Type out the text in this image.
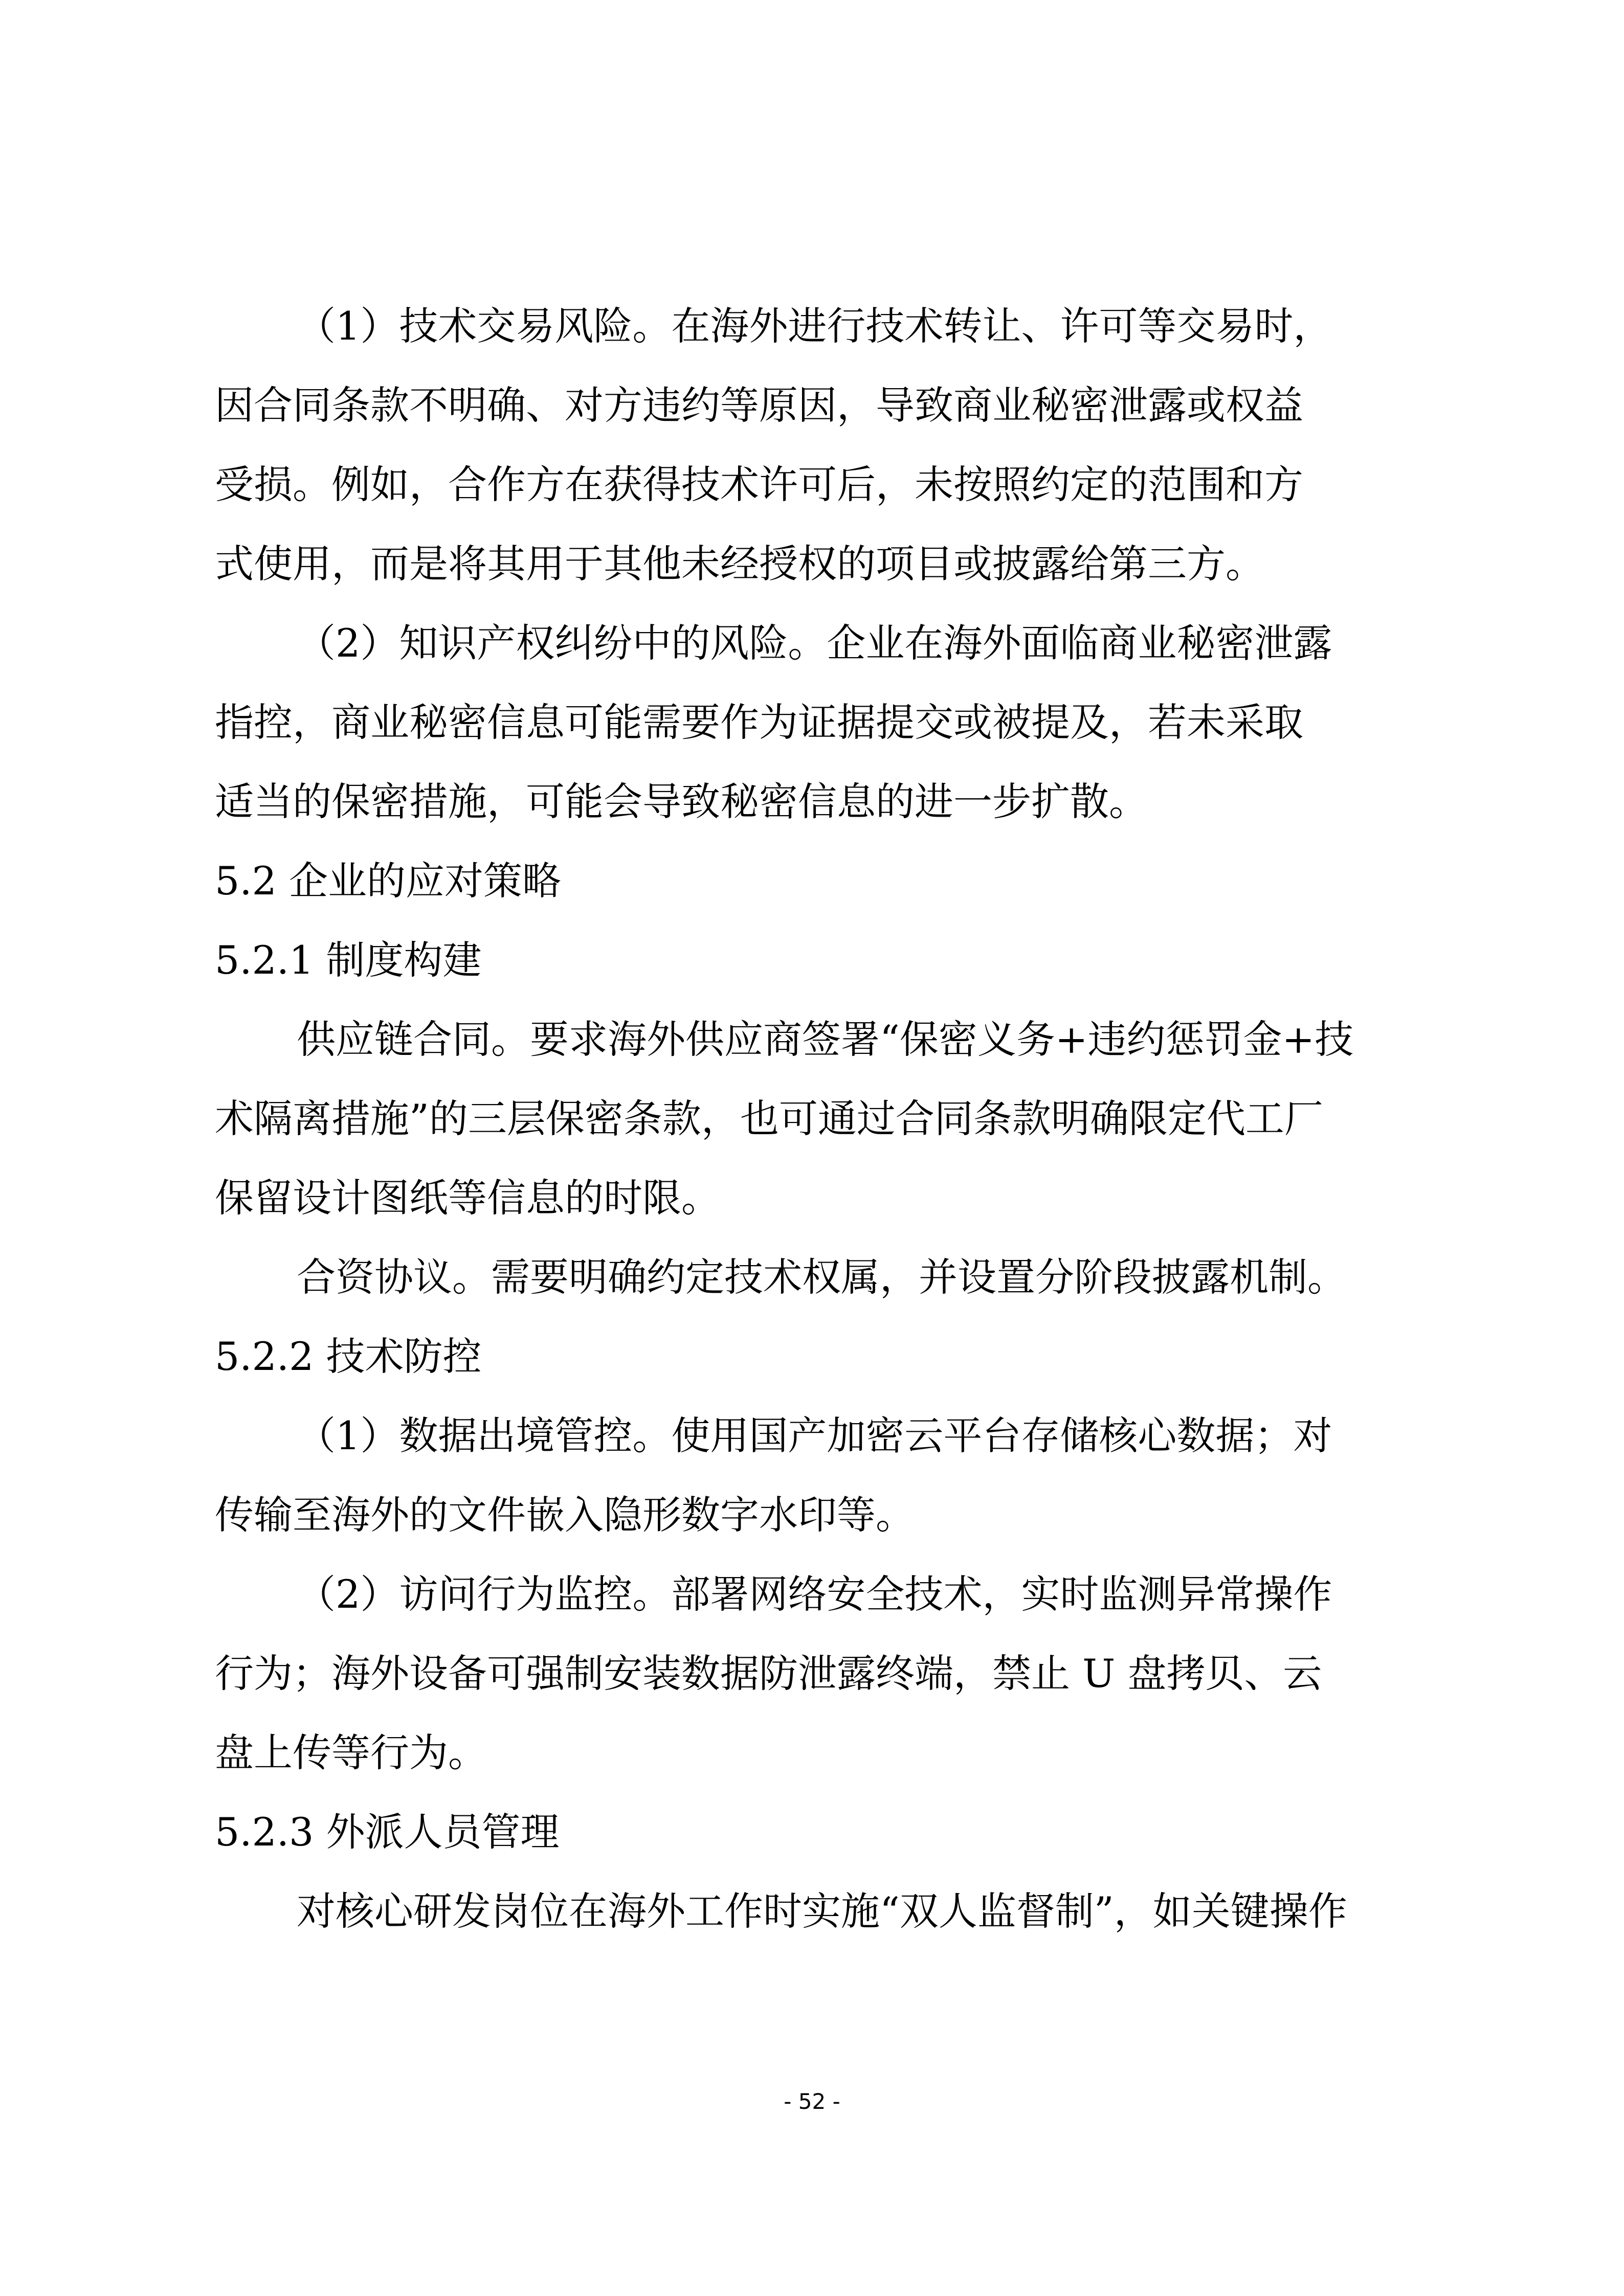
（1）技术交易风险。在海外进行技术转让、许可等交易时，
因合同条款不明确、对方违约等原因，导致商业秘密泄露或权益
受损。例如，合作方在获得技术许可后，未按照约定的范围和方
式使用，而是将其用于其他未经授权的项目或披露给第三方。
（2）知识产权纠纷中的风险。企业在海外面临商业秘密泄露
指控，商业秘密信息可能需要作为证据提交或被提及，若未采取
适当的保密措施，可能会导致秘密信息的进一步扩散。
5.2 企业的应对策略
5.2.1 制度构建
供应链合同。要求海外供应商签署“保密义务+违约惩罚金+技
术隔离措施”的三层保密条款，也可通过合同条款明确限定代工厂
保留设计图纸等信息的时限。
合资协议。需要明确约定技术权属，并设置分阶段披露机制。
5.2.2 技术防控
（1）数据出境管控。使用国产加密云平台存储核心数据；对
传输至海外的文件嵌入隐形数字水印等。
（2）访问行为监控。部署网络安全技术，实时监测异常操作
行为；海外设备可强制安装数据防泄露终端，禁止 U 盘拷贝、云
盘上传等行为。
5.2.3 外派人员管理
对核心研发岗位在海外工作时实施“双人监督制”，如关键操作
- 52 -
